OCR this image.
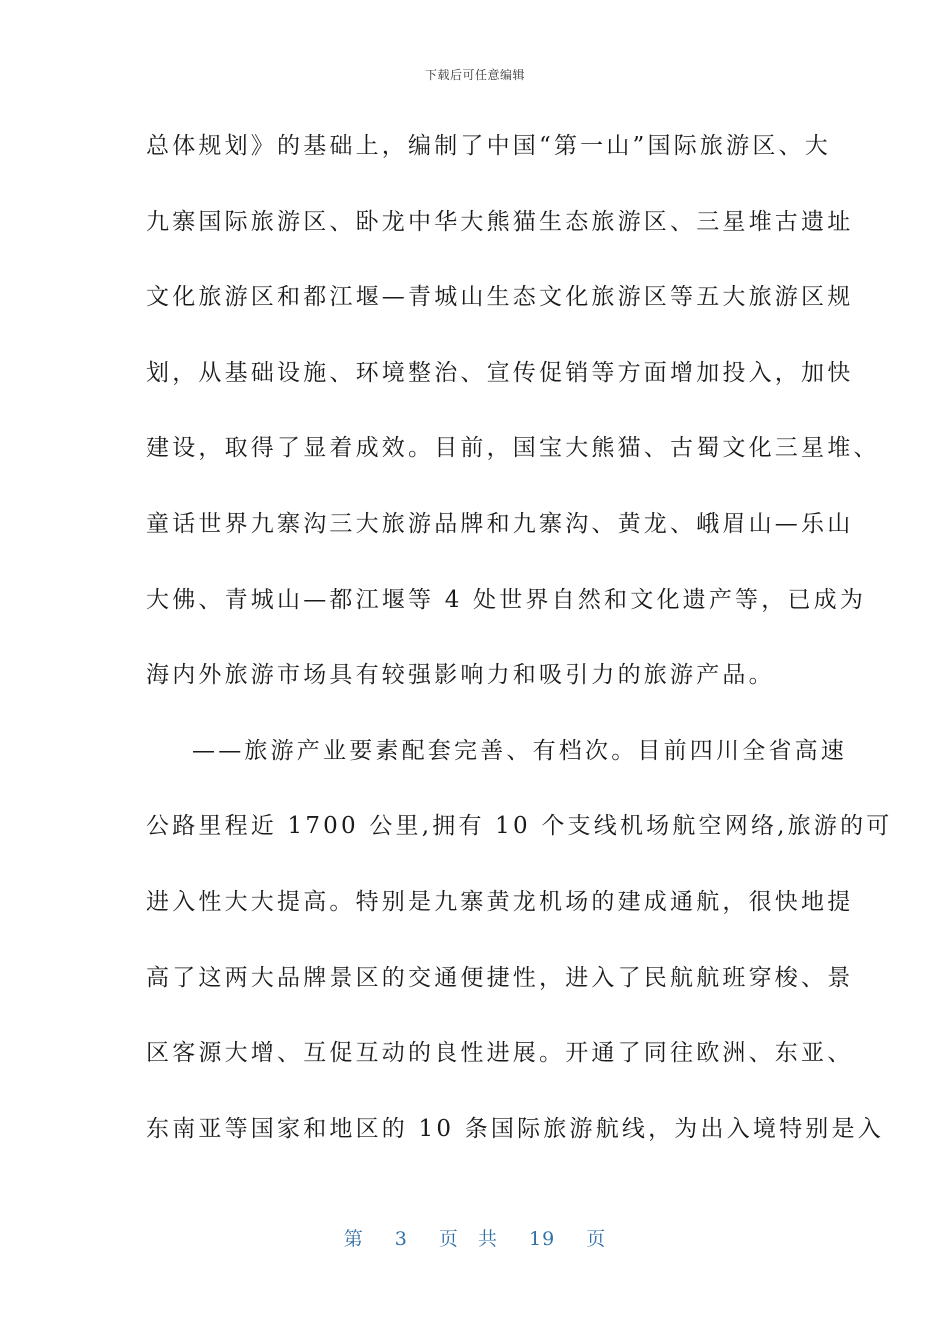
下载后可任意编辑
总体规划》的基础上，编制了中国“第一山”国际旅游区、大
九寨国际旅游区、卧龙中华大熊猫生态旅游区、三星堆古遗址
文化旅游区和都江堰—青城山生态文化旅游区等五大旅游区规
划，从基础设施、环境整治、宣传促销等方面增加投入，加快
建设，取得了显着成效。目前，国宝大熊猫、古蜀文化三星堆、
童话世界九寨沟三大旅游品牌和九寨沟、黄龙、峨眉山—乐山
大佛、青城山—都江堰等 4 处世界自然和文化遗产等，已成为
海内外旅游市场具有较强影响力和吸引力的旅游产品。
——旅游产业要素配套完善、有档次。目前四川全省高速
公路里程近 1700 公里,拥有 10 个支线机场航空网络,旅游的可
进入性大大提高。特别是九寨黄龙机场的建成通航，很快地提
高了这两大品牌景区的交通便捷性，进入了民航航班穿梭、景
区客源大增、互促互动的良性进展。开通了同往欧洲、东亚、
东南亚等国家和地区的 10 条国际旅游航线，为出入境特别是入
第 3 页 共 19 页
